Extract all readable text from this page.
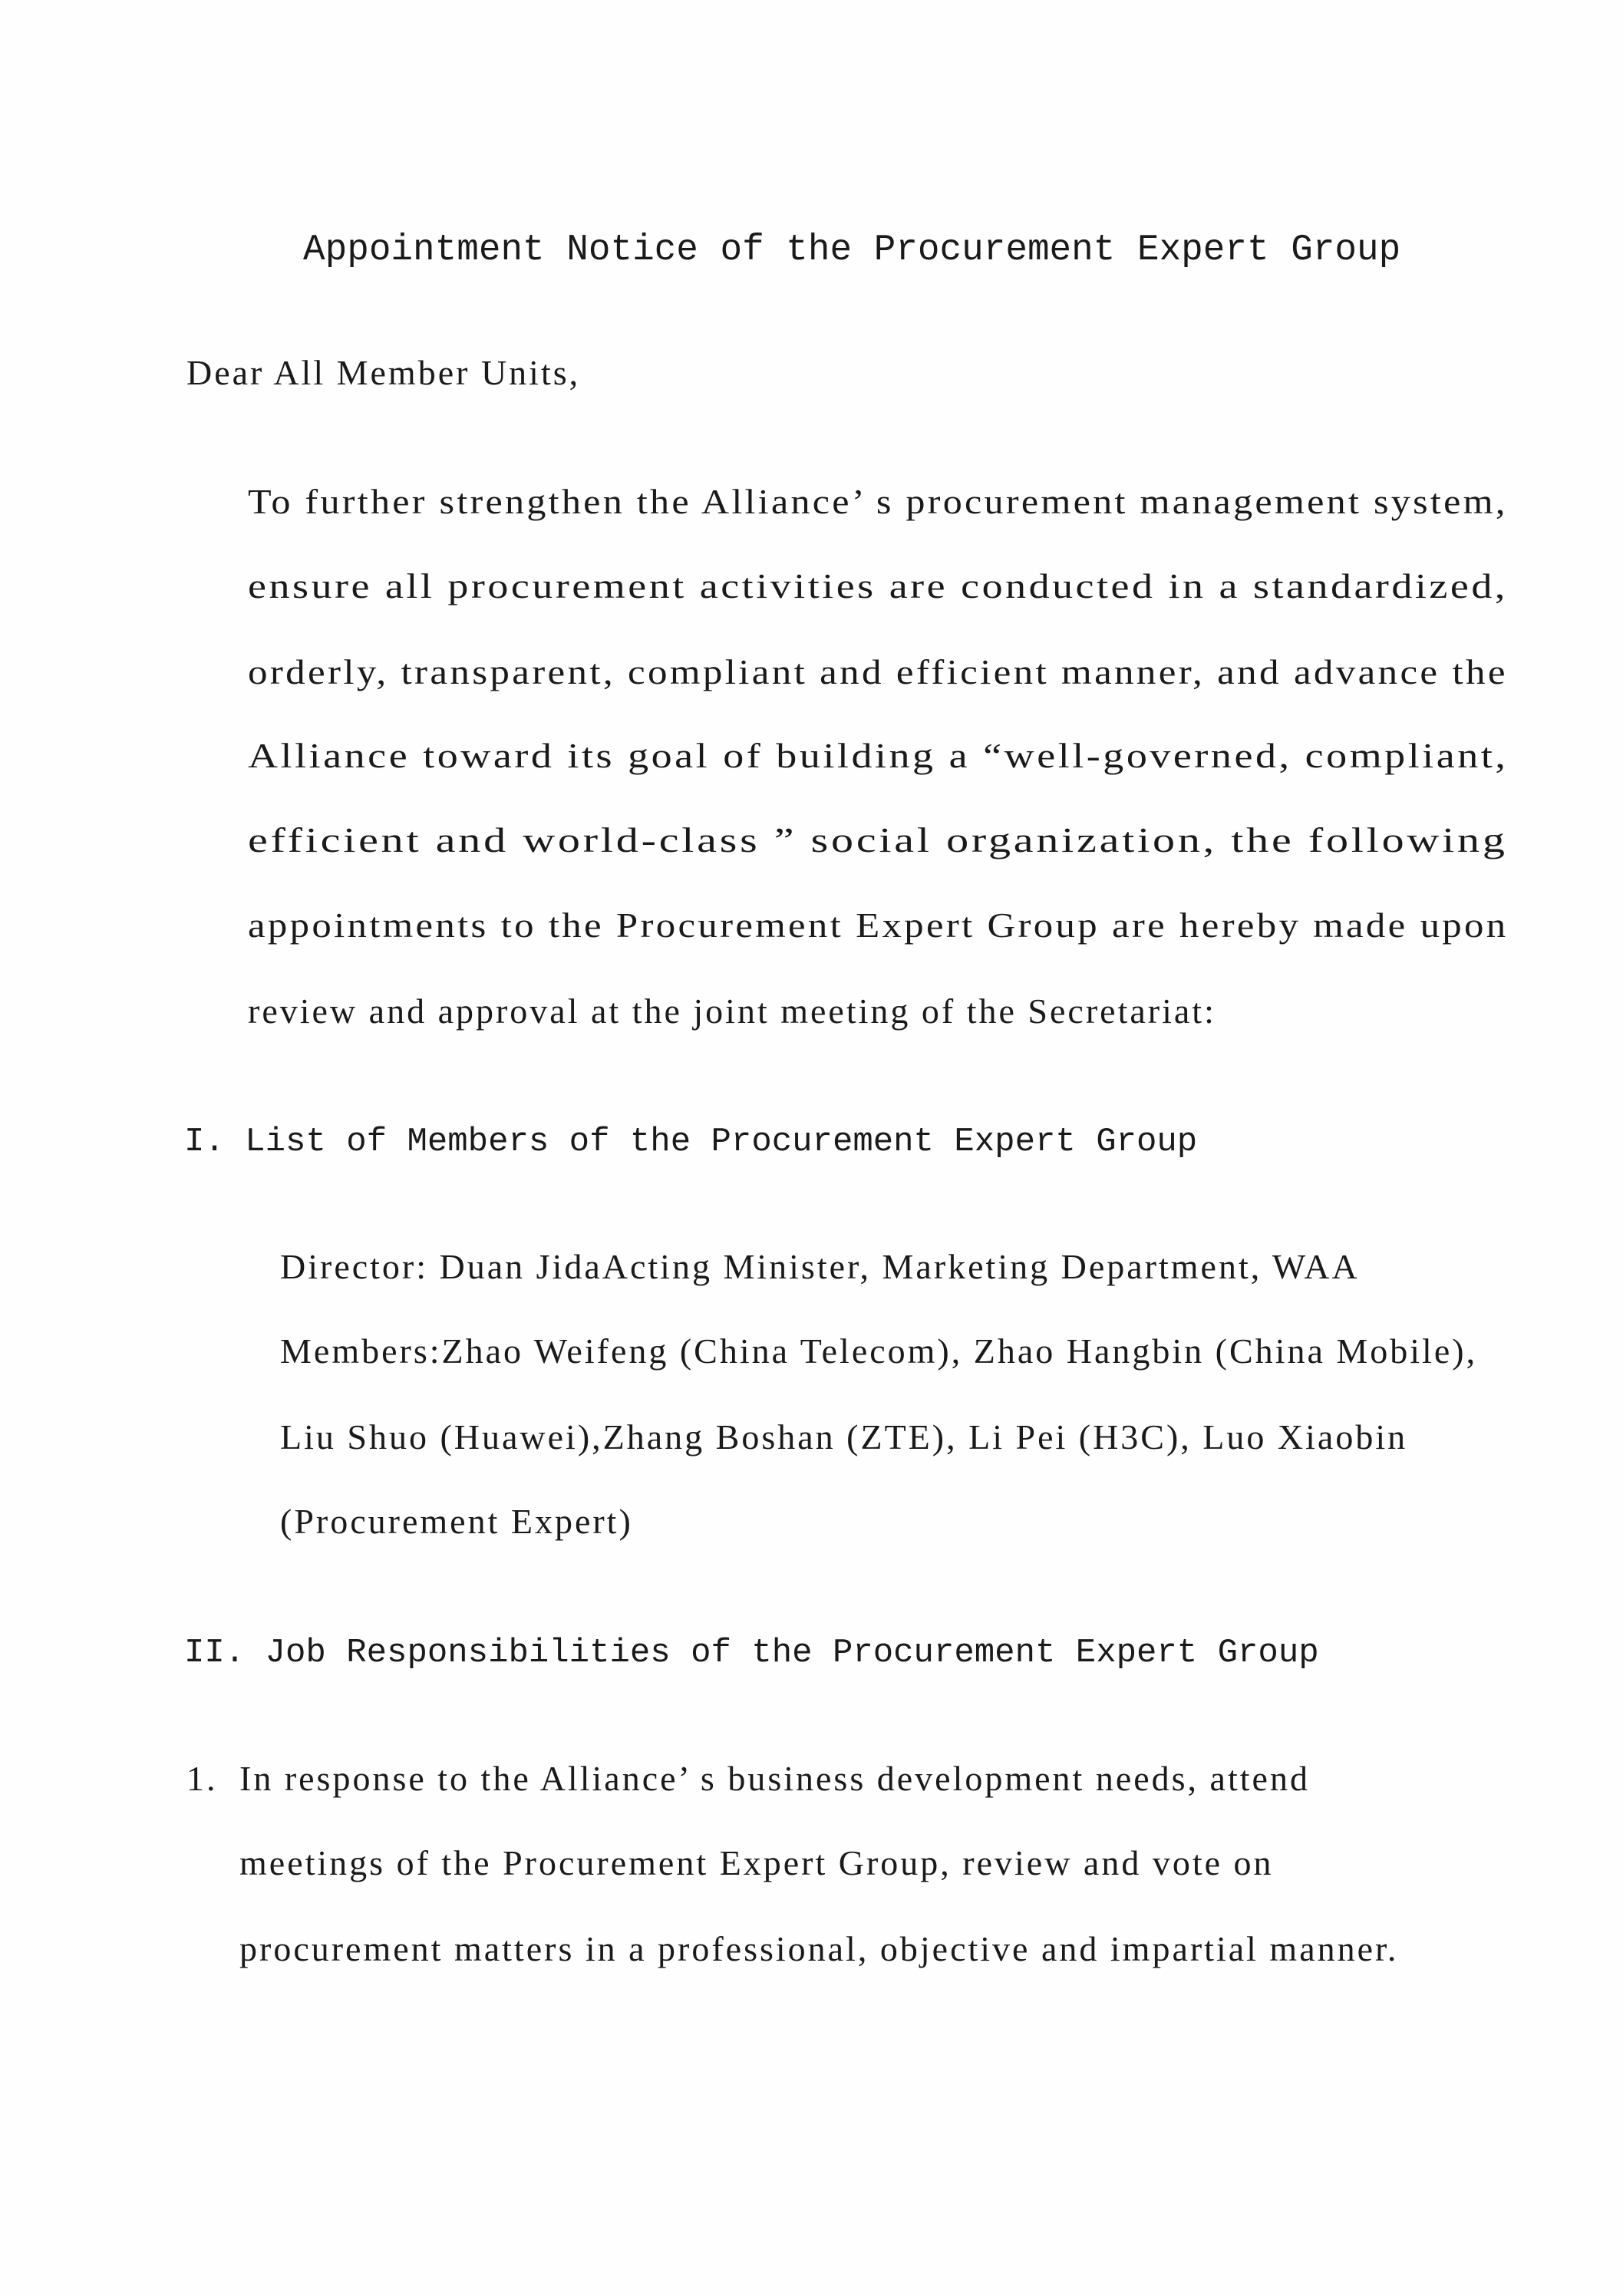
Appointment Notice of the Procurement Expert Group
Dear All Member Units,
To further strengthen the Alliance’ s procurement management system,
ensure all procurement activities are conducted in a standardized,
orderly, transparent, compliant and efficient manner, and advance the
Alliance toward its goal of building a “well-governed, compliant,
efficient and world-class ” social organization, the following
appointments to the Procurement Expert Group are hereby made upon
review and approval at the joint meeting of the Secretariat:
I. List of Members of the Procurement Expert Group
Director: Duan JidaActing Minister, Marketing Department, WAA
Members:Zhao Weifeng (China Telecom), Zhao Hangbin (China Mobile),
Liu Shuo (Huawei),Zhang Boshan (ZTE), Li Pei (H3C), Luo Xiaobin
(Procurement Expert)
II. Job Responsibilities of the Procurement Expert Group
1. In response to the Alliance’ s business development needs, attend
meetings of the Procurement Expert Group, review and vote on
procurement matters in a professional, objective and impartial manner.
